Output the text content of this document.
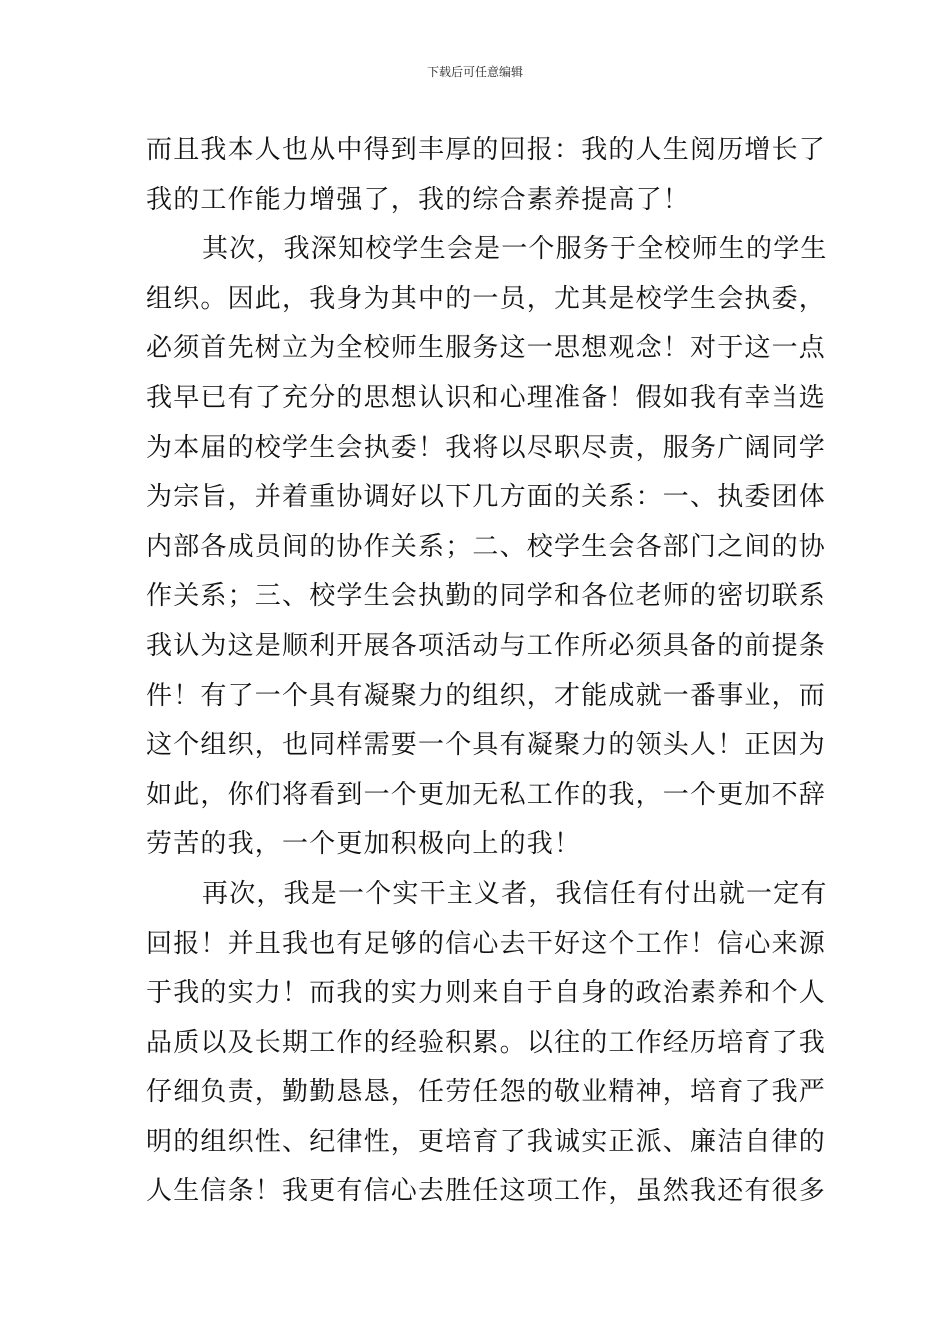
下载后可任意编辑
而且我本人也从中得到丰厚的回报：我的人生阅历增长了
我的工作能力增强了，我的综合素养提高了！
其次，我深知校学生会是一个服务于全校师生的学生
组织。因此，我身为其中的一员，尤其是校学生会执委，
必须首先树立为全校师生服务这一思想观念！对于这一点
我早已有了充分的思想认识和心理准备！假如我有幸当选
为本届的校学生会执委！我将以尽职尽责，服务广阔同学
为宗旨，并着重协调好以下几方面的关系：一、执委团体
内部各成员间的协作关系；二、校学生会各部门之间的协
作关系；三、校学生会执勤的同学和各位老师的密切联系
我认为这是顺利开展各项活动与工作所必须具备的前提条
件！有了一个具有凝聚力的组织，才能成就一番事业，而
这个组织，也同样需要一个具有凝聚力的领头人！正因为
如此，你们将看到一个更加无私工作的我，一个更加不辞
劳苦的我，一个更加积极向上的我！
再次，我是一个实干主义者，我信任有付出就一定有
回报！并且我也有足够的信心去干好这个工作！信心来源
于我的实力！而我的实力则来自于自身的政治素养和个人
品质以及长期工作的经验积累。以往的工作经历培育了我
仔细负责，勤勤恳恳，任劳任怨的敬业精神，培育了我严
明的组织性、纪律性，更培育了我诚实正派、廉洁自律的
人生信条！我更有信心去胜任这项工作，虽然我还有很多
